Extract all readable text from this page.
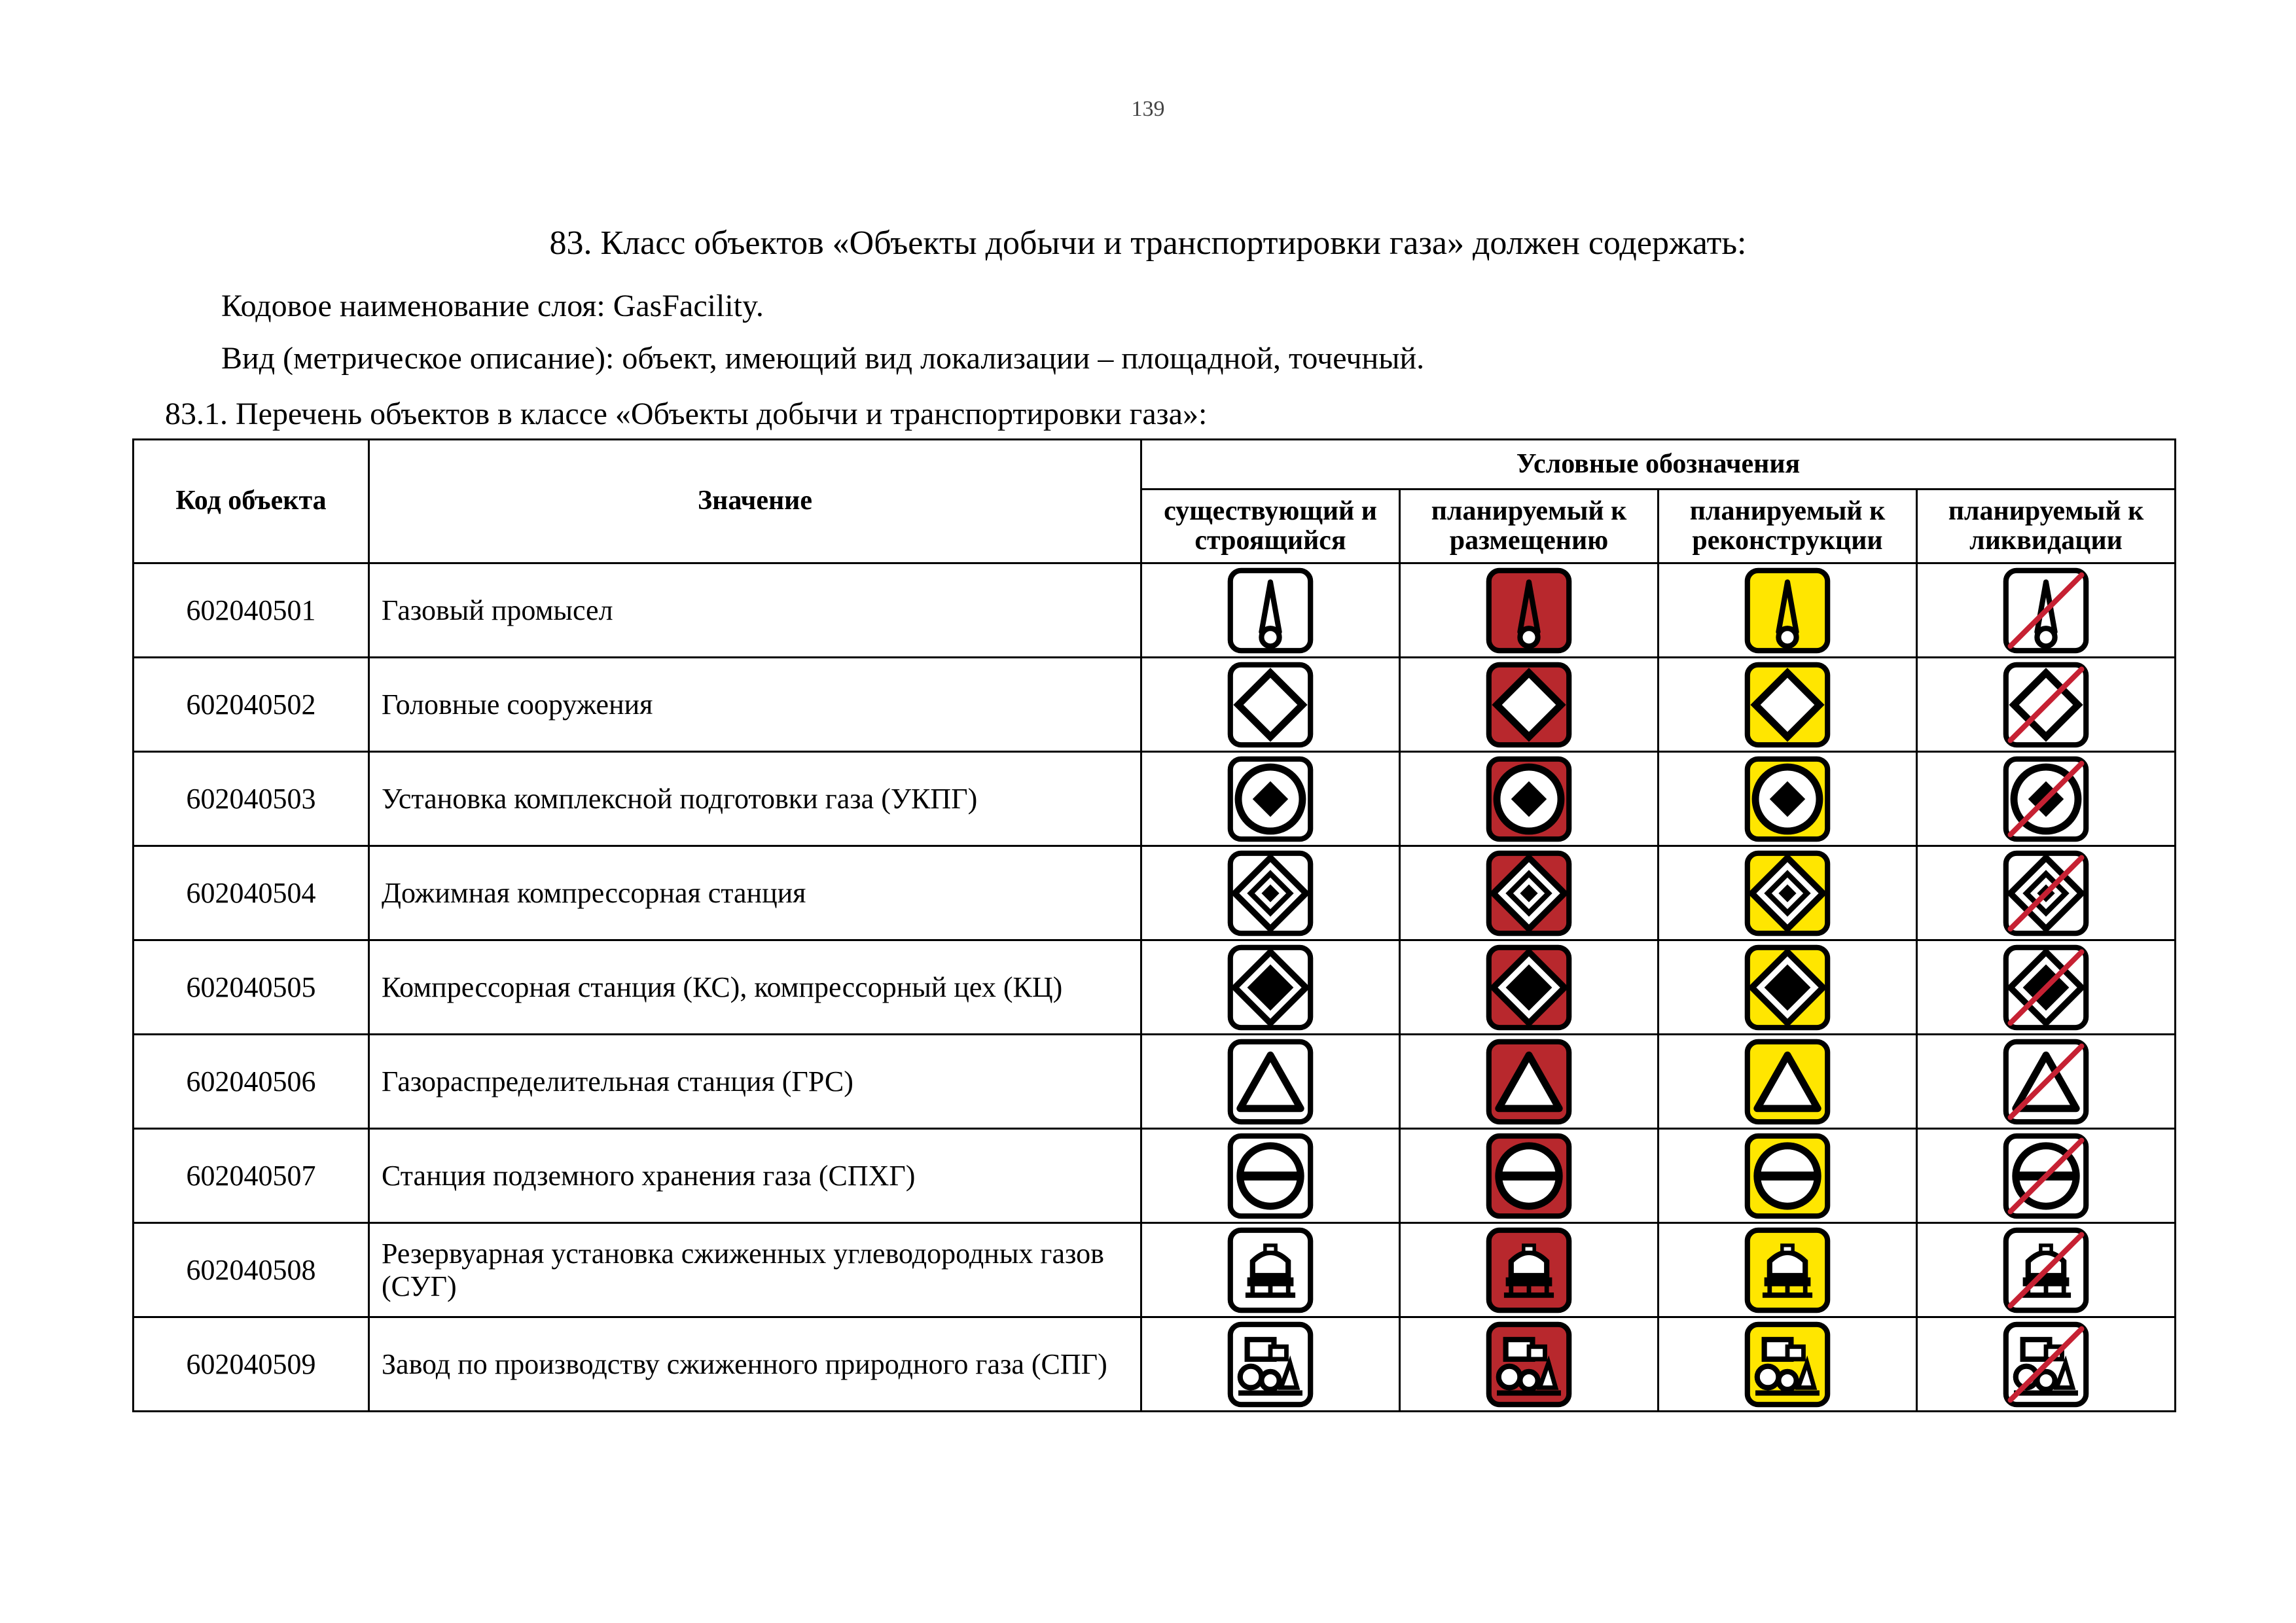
139
83. Класс объектов «Объекты добычи и транспортировки газа» должен содержать:
Кодовое наименование слоя: GasFacility.
Вид (метрическое описание): объект, имеющий вид локализации – площадной, точечный.
83.1. Перечень объектов в классе «Объекты добычи и транспортировки газа»:
Код объекта	Значение	Условные обозначения			
		существующий и строящийся	планируемый к размещению	планируемый к реконструкции	планируемый к ликвидации
602040501	Газовый промысел	

602040502	Головные сооружения	

602040503	Установка комплексной подготовки газа (УКПГ)	

602040504	Дожимная компрессорная станция	

602040505	Компрессорная станция (КС), компрессорный цех (КЦ)	

602040506	Газораспределительная станция (ГРС)	

602040507	Станция подземного хранения газа (СПХГ)	

602040508	Резервуарная установка сжиженных углеводородных газов (СУГ)	

602040509	Завод по производству сжиженного природного газа (СПГ)	
